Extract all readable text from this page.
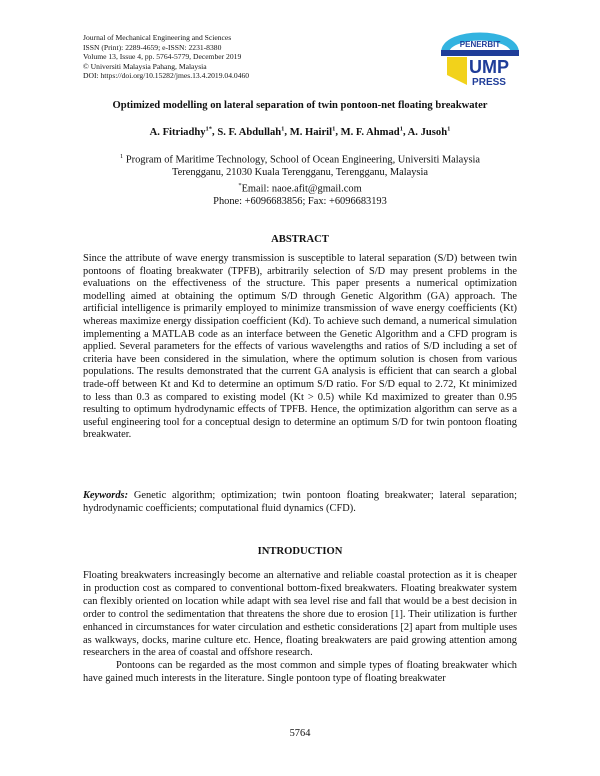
Journal of Mechanical Engineering and Sciences
ISSN (Print): 2289-4659; e-ISSN: 2231-8380
Volume 13, Issue 4, pp. 5764-5779, December 2019
© Universiti Malaysia Pahang, Malaysia
DOI: https://doi.org/10.15282/jmes.13.4.2019.04.0460
PENERBIT
UMP
PRESS
Optimized modelling on lateral separation of twin pontoon-net floating breakwater
A. Fitriadhy$^{1*}$, S. F. Abdullah$^1$, M. Hairil$^1$, M. F. Ahmad$^1$, A. Jusoh$^1$
$^1$ Program of Maritime Technology, School of Ocean Engineering, Universiti Malaysia
Terengganu, 21030 Kuala Terengganu, Terengganu, Malaysia
*Email: naoe.afit@gmail.com
Phone: +6096683856; Fax: +6096683193
ABSTRACT

Since the attribute of wave energy transmission is susceptible to lateral separation (S/D) between twin pontoons of floating breakwater (TPFB), arbitrarily selection of S/D may present problems in the evaluations on the effectiveness of the structure. This paper presents a numerical optimization modelling aimed at obtaining the optimum S/D through Genetic Algorithm (GA) approach. The artificial intelligence is primarily employed to minimize transmission of wave energy coefficients (Kt) whereas maximize energy dissipation coefficient (Kd). To achieve such demand, a numerical simulation implementing a MATLAB code as an interface between the Genetic Algorithm and a CFD program is applied. Several parameters for the effects of various wavelengths and ratios of S/D including a set of criteria have been considered in the simulation, where the optimum solution is chosen from various populations. The results demonstrated that the current GA analysis is efficient that can search a global trade-off between Kt and Kd to determine an optimum S/D ratio. For S/D equal to 2.72, Kt minimized to less than 0.3 as compared to existing model (Kt > 0.5) while Kd maximized to greater than 0.95 resulting to optimum hydrodynamic effects of TPFB. Hence, the optimization algorithm can serve as a useful engineering tool for a conceptual design to determine an optimum S/D for twin pontoon floating breakwater.

Keywords: Genetic algorithm; optimization; twin pontoon floating breakwater; lateral separation; hydrodynamic coefficients; computational fluid dynamics (CFD).
INTRODUCTION

Floating breakwaters increasingly become an alternative and reliable coastal protection as it is cheaper in production cost as compared to conventional bottom-fixed breakwaters. Floating breakwater system can flexibly oriented on location while adapt with sea level rise and fall that would be a best decision in order to control the sedimentation that threatens the shore due to erosion [1]. Their utilization is further enhanced in circumstances for water circulation and esthetic considerations [2] apart from multiple uses as walkways, docks, marine culture etc. Hence, floating breakwaters are paid growing attention among researchers in the area of coastal and offshore research.

Pontoons can be regarded as the most common and simple types of floating breakwater which have gained much interests in the literature. Single pontoon type of floating breakwater

5764
